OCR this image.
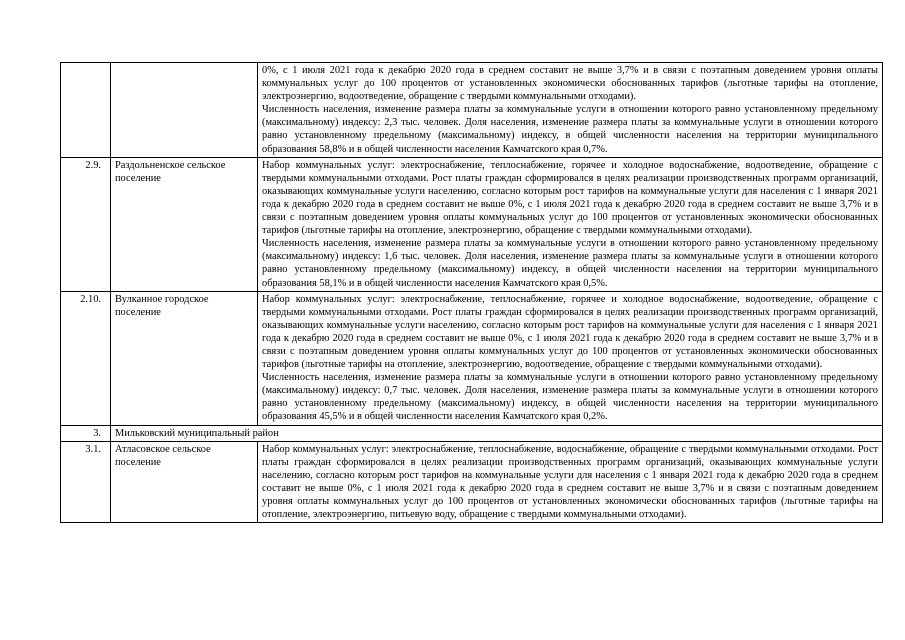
		0%, с 1 июля 2021 года к декабрю 2020 года в среднем составит не выше 3,7% и в связи с поэтапным доведением уровня оплаты коммунальных услуг до 100 процентов от установленных экономически обоснованных тарифов (льготные тарифы на отопление, электроэнергию, водоотведение, обращение с твердыми коммунальными отходами).

Численность населения, изменение размера платы за коммунальные услуги в отношении которого равно установленному предельному (максимальному) индексу: 2,3 тыс. человек. Доля населения, изменение размера платы за коммунальные услуги в отношении которого равно установленному предельному (максимальному) индексу, в общей численности населения на территории муниципального образования 58,8% и в общей численности населения Камчатского края 0,7%.

2.9.	Раздольненское сельское поселение	Набор коммунальных услуг: электроснабжение, теплоснабжение, горячее и холодное водоснабжение, водоотведение, обращение с твердыми коммунальными отходами. Рост платы граждан сформировался в целях реализации производственных программ организаций, оказывающих коммунальные услуги населению, согласно которым рост тарифов на коммунальные услуги для населения с 1 января 2021 года к декабрю 2020 года в среднем составит не выше 0%, с 1 июля 2021 года к декабрю 2020 года в среднем составит не выше 3,7% и в связи с поэтапным доведением уровня оплаты коммунальных услуг до 100 процентов от установленных экономически обоснованных тарифов (льготные тарифы на отопление, электроэнергию, обращение с твердыми коммунальными отходами).

Численность населения, изменение размера платы за коммунальные услуги в отношении которого равно установленному предельному (максимальному) индексу: 1,6 тыс. человек. Доля населения, изменение размера платы за коммунальные услуги в отношении которого равно установленному предельному (максимальному) индексу, в общей численности населения на территории муниципального образования 58,1% и в общей численности населения Камчатского края 0,5%.

2.10.	Вулканное городское поселение	Набор коммунальных услуг: электроснабжение, теплоснабжение, горячее и холодное водоснабжение, водоотведение, обращение с твердыми коммунальными отходами. Рост платы граждан сформировался в целях реализации производственных программ организаций, оказывающих коммунальные услуги населению, согласно которым рост тарифов на коммунальные услуги для населения с 1 января 2021 года к декабрю 2020 года в среднем составит не выше 0%, с 1 июля 2021 года к декабрю 2020 года в среднем составит не выше 3,7% и в связи с поэтапным доведением уровня оплаты коммунальных услуг до 100 процентов от установленных экономически обоснованных тарифов (льготные тарифы на отопление, электроэнергию, водоотведение, обращение с твердыми коммунальными отходами).

Численность населения, изменение размера платы за коммунальные услуги в отношении которого равно установленному предельному (максимальному) индексу: 0,7 тыс. человек. Доля населения, изменение размера платы за коммунальные услуги в отношении которого равно установленному предельному (максимальному) индексу, в общей численности населения на территории муниципального образования 45,5% и в общей численности населения Камчатского края 0,2%.

3.	Мильковский муниципальный район	
3.1.	Атласовское сельское поселение	Набор коммунальных услуг: электроснабжение, теплоснабжение, водоснабжение, обращение с твердыми коммунальными отходами. Рост платы граждан сформировался в целях реализации производственных программ организаций, оказывающих коммунальные услуги населению, согласно которым рост тарифов на коммунальные услуги для населения с 1 января 2021 года к декабрю 2020 года в среднем составит не выше 0%, с 1 июля 2021 года к декабрю 2020 года в среднем составит не выше 3,7% и в связи с поэтапным доведением уровня оплаты коммунальных услуг до 100 процентов от установленных экономически обоснованных тарифов (льготные тарифы на отопление, электроэнергию, питьевую воду, обращение с твердыми коммунальными отходами).
